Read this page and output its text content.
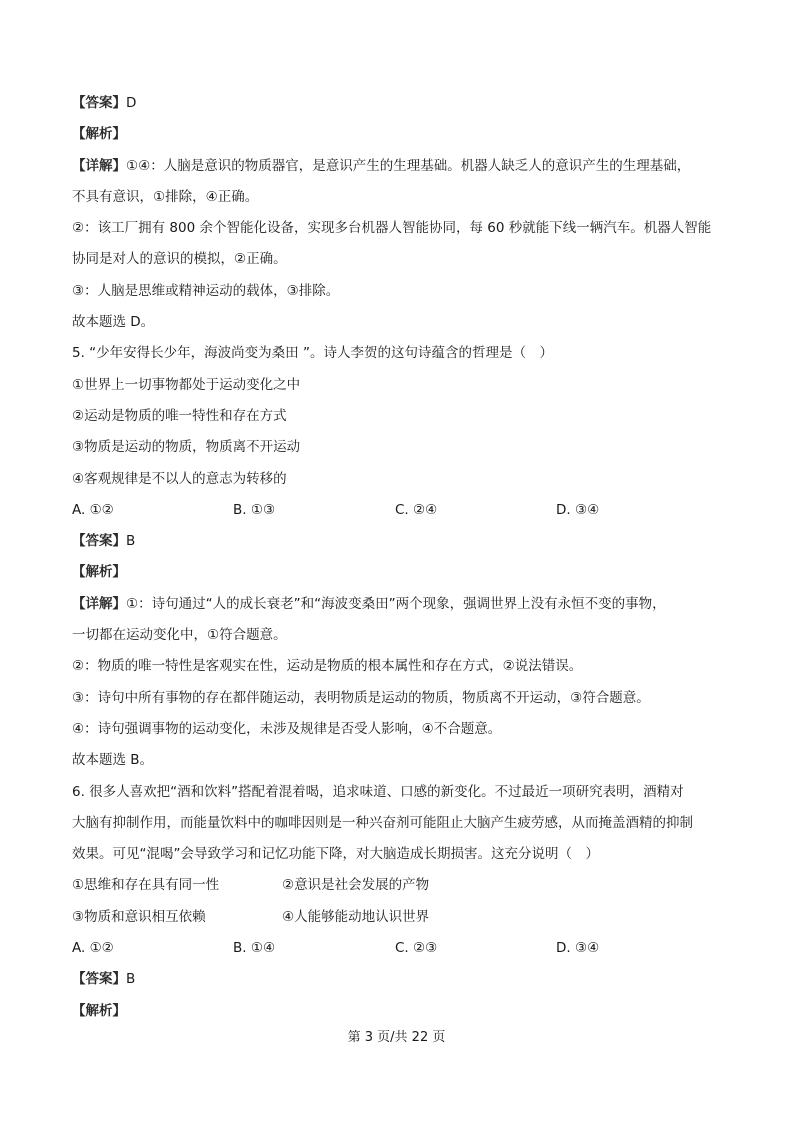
【答案】D
【解析】
【详解】①④：人脑是意识的物质器官，是意识产生的生理基础。机器人缺乏人的意识产生的生理基础，
不具有意识，①排除，④正确。
②：该工厂拥有 800 余个智能化设备，实现多台机器人智能协同，每 60 秒就能下线一辆汽车。机器人智能
协同是对人的意识的模拟，②正确。
③：人脑是思维或精神运动的载体，③排除。
故本题选 D。
5. “少年安得长少年，海波尚变为桑田 ”。诗人李贺的这句诗蕴含的哲理是（　）
①世界上一切事物都处于运动变化之中
②运动是物质的唯一特性和存在方式
③物质是运动的物质，物质离不开运动
④客观规律是不以人的意志为转移的
A. ①②	B. ①③	C. ②④	D. ③④
【答案】B
【解析】
【详解】①：诗句通过“人的成长衰老”和“海波变桑田”两个现象，强调世界上没有永恒不变的事物，
一切都在运动变化中，①符合题意。
②：物质的唯一特性是客观实在性，运动是物质的根本属性和存在方式，②说法错误。
③：诗句中所有事物的存在都伴随运动，表明物质是运动的物质，物质离不开运动，③符合题意。
④：诗句强调事物的运动变化，未涉及规律是否受人影响，④不合题意。
故本题选 B。
6. 很多人喜欢把“酒和饮料”搭配着混着喝，追求味道、口感的新变化。不过最近一项研究表明，酒精对
大脑有抑制作用，而能量饮料中的咖啡因则是一种兴奋剂可能阻止大脑产生疲劳感，从而掩盖酒精的抑制
效果。可见“混喝”会导致学习和记忆功能下降，对大脑造成长期损害。这充分说明（　）
①思维和存在具有同一性	②意识是社会发展的产物
③物质和意识相互依赖	④人能够能动地认识世界
A. ①②	B. ①④	C. ②③	D. ③④
【答案】B
【解析】
第 3 页/共 22 页
